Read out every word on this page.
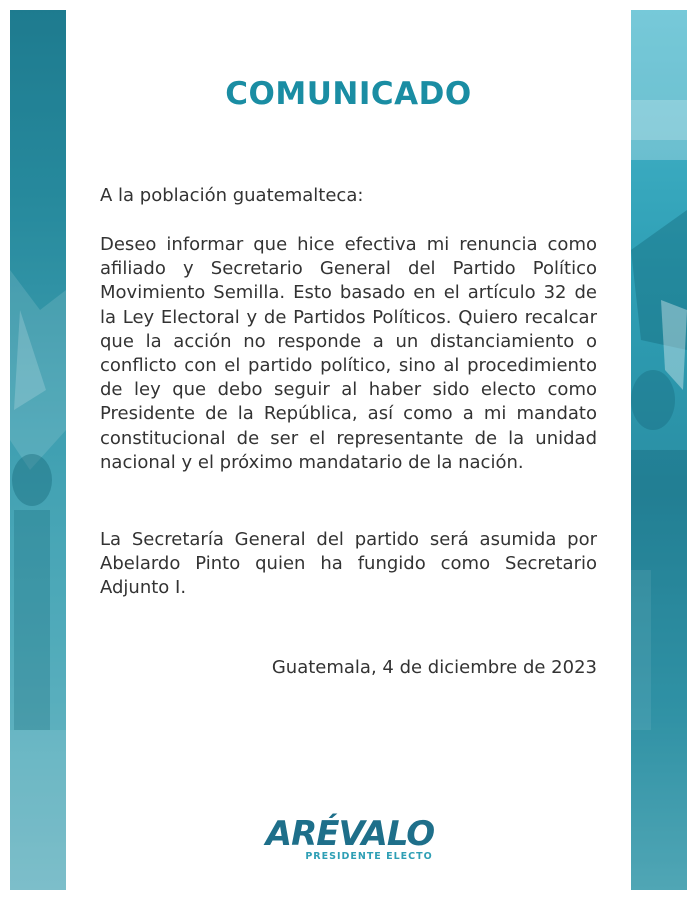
COMUNICADO

A la población guatemalteca:

Deseo informar que hice efectiva mi renuncia como afiliado y Secretario General del Partido Político Movimiento Semilla. Esto basado en el artículo 32 de la Ley Electoral y de Partidos Políticos. Quiero recalcar que la acción no responde a un distanciamiento o conflicto con el partido político, sino al procedimiento de ley que debo seguir al haber sido electo como Presidente de la República, así como a mi mandato constitucional de ser el representante de la unidad nacional y el próximo mandatario de la nación.

La Secretaría General del partido será asumida por Abelardo Pinto quien ha fungido como Secretario Adjunto I.

Guatemala, 4 de diciembre de 2023

ARÉVALO
PRESIDENTE ELECTO
